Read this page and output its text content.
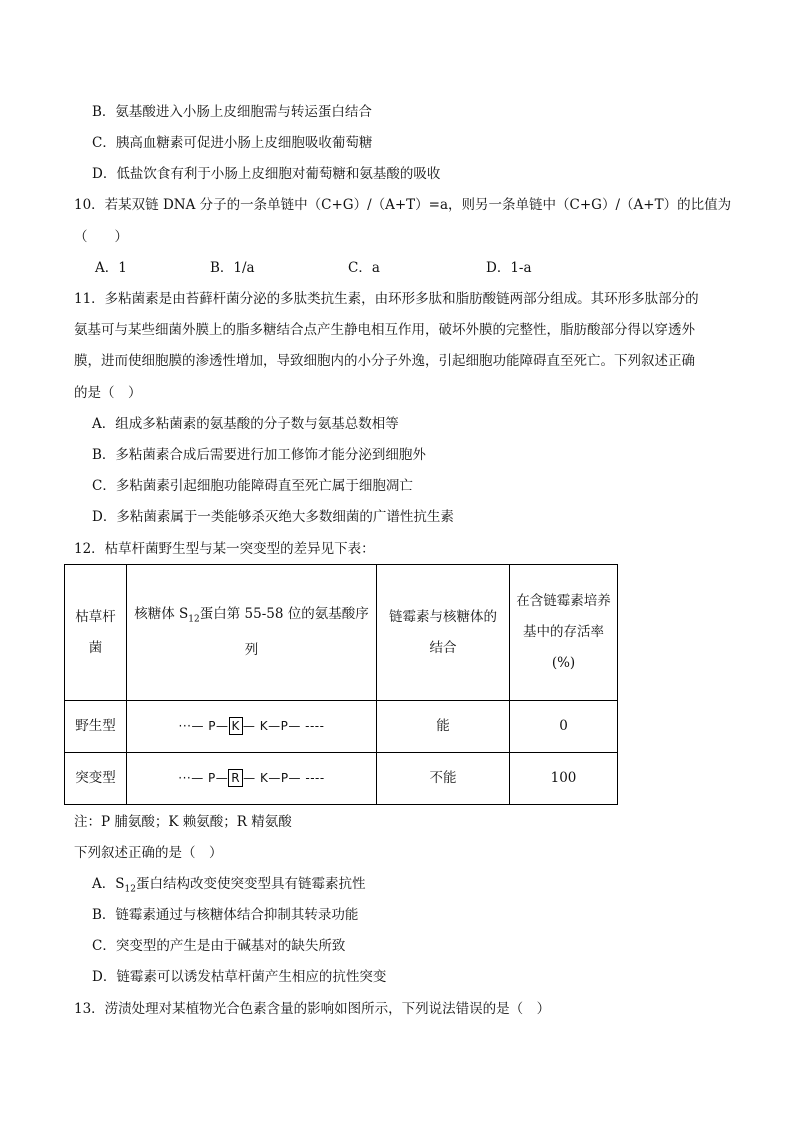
B．氨基酸进入小肠上皮细胞需与转运蛋白结合
C．胰高血糖素可促进小肠上皮细胞吸收葡萄糖
D．低盐饮食有利于小肠上皮细胞对葡萄糖和氨基酸的吸收
10．若某双链 DNA 分子的一条单链中（C+G）/（A+T）=a，则另一条单链中（C+G）/（A+T）的比值为
（　　）
A．1	B．1/a	C．a	D．1-a
11．多粘菌素是由苔藓杆菌分泌的多肽类抗生素，由环形多肽和脂肪酸链两部分组成。其环形多肽部分的
氨基可与某些细菌外膜上的脂多糖结合点产生静电相互作用，破坏外膜的完整性，脂肪酸部分得以穿透外
膜，进而使细胞膜的渗透性增加，导致细胞内的小分子外逸，引起细胞功能障碍直至死亡。下列叙述正确
的是（　）
A．组成多粘菌素的氨基酸的分子数与氨基总数相等
B．多粘菌素合成后需要进行加工修饰才能分泌到细胞外
C．多粘菌素引起细胞功能障碍直至死亡属于细胞凋亡
D．多粘菌素属于一类能够杀灭绝大多数细菌的广谱性抗生素
12．枯草杆菌野生型与某一突变型的差异见下表：
枯草杆菌	核糖体 $S_{12}$蛋白第 55-58 位的氨基酸序列	链霉素与核糖体的结合	在含链霉素培养基中的存活率(%)
野生型	···— P— K — K—P— ----	能	0
突变型	···— P— R — K—P— ----	不能	100
注：P 脯氨酸；K 赖氨酸；R 精氨酸
下列叙述正确的是（　）
A．$S_{12}$蛋白结构改变使突变型具有链霉素抗性
B．链霉素通过与核糖体结合抑制其转录功能
C．突变型的产生是由于碱基对的缺失所致
D．链霉素可以诱发枯草杆菌产生相应的抗性突变
13．涝渍处理对某植物光合色素含量的影响如图所示，下列说法错误的是（　）
